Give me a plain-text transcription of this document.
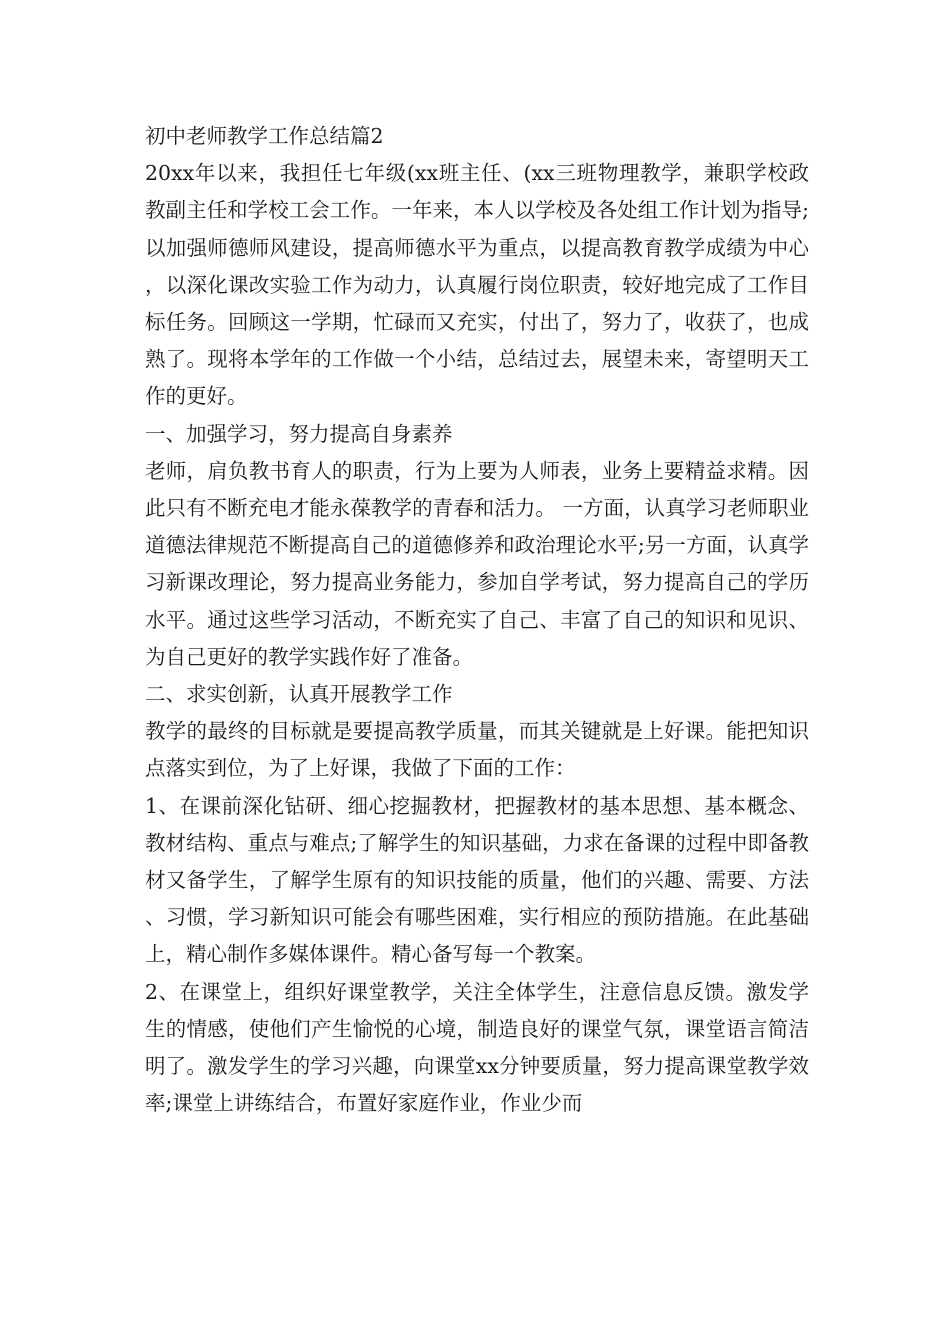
初中老师教学工作总结篇2

20xx年以来，我担任七年级(xx班主任、(xx三班物理教学，兼职学校政教副主任和学校工会工作。一年来，本人以学校及各处组工作计划为指导;以加强师德师风建设，提高师德水平为重点，以提高教育教学成绩为中心，以深化课改实验工作为动力，认真履行岗位职责，较好地完成了工作目标任务。回顾这一学期，忙碌而又充实，付出了，努力了，收获了，也成熟了。现将本学年的工作做一个小结，总结过去，展望未来，寄望明天工作的更好。

一、加强学习，努力提高自身素养

老师，肩负教书育人的职责，行为上要为人师表，业务上要精益求精。因此只有不断充电才能永葆教学的青春和活力。 一方面，认真学习老师职业道德法律规范不断提高自己的道德修养和政治理论水平;另一方面，认真学习新课改理论，努力提高业务能力，参加自学考试，努力提高自己的学历水平。通过这些学习活动，不断充实了自己、丰富了自己的知识和见识、为自己更好的教学实践作好了准备。

二、求实创新，认真开展教学工作

教学的最终的目标就是要提高教学质量，而其关键就是上好课。能把知识点落实到位，为了上好课，我做了下面的工作：

1、在课前深化钻研、细心挖掘教材，把握教材的基本思想、基本概念、教材结构、重点与难点;了解学生的知识基础，力求在备课的过程中即备教材又备学生，了解学生原有的知识技能的质量，他们的兴趣、需要、方法、习惯，学习新知识可能会有哪些困难，实行相应的预防措施。在此基础上，精心制作多媒体课件。精心备写每一个教案。

2、在课堂上，组织好课堂教学，关注全体学生，注意信息反馈。激发学生的情感，使他们产生愉悦的心境，制造良好的课堂气氛，课堂语言简洁明了。激发学生的学习兴趣，向课堂xx分钟要质量，努力提高课堂教学效率;课堂上讲练结合，布置好家庭作业，作业少而
